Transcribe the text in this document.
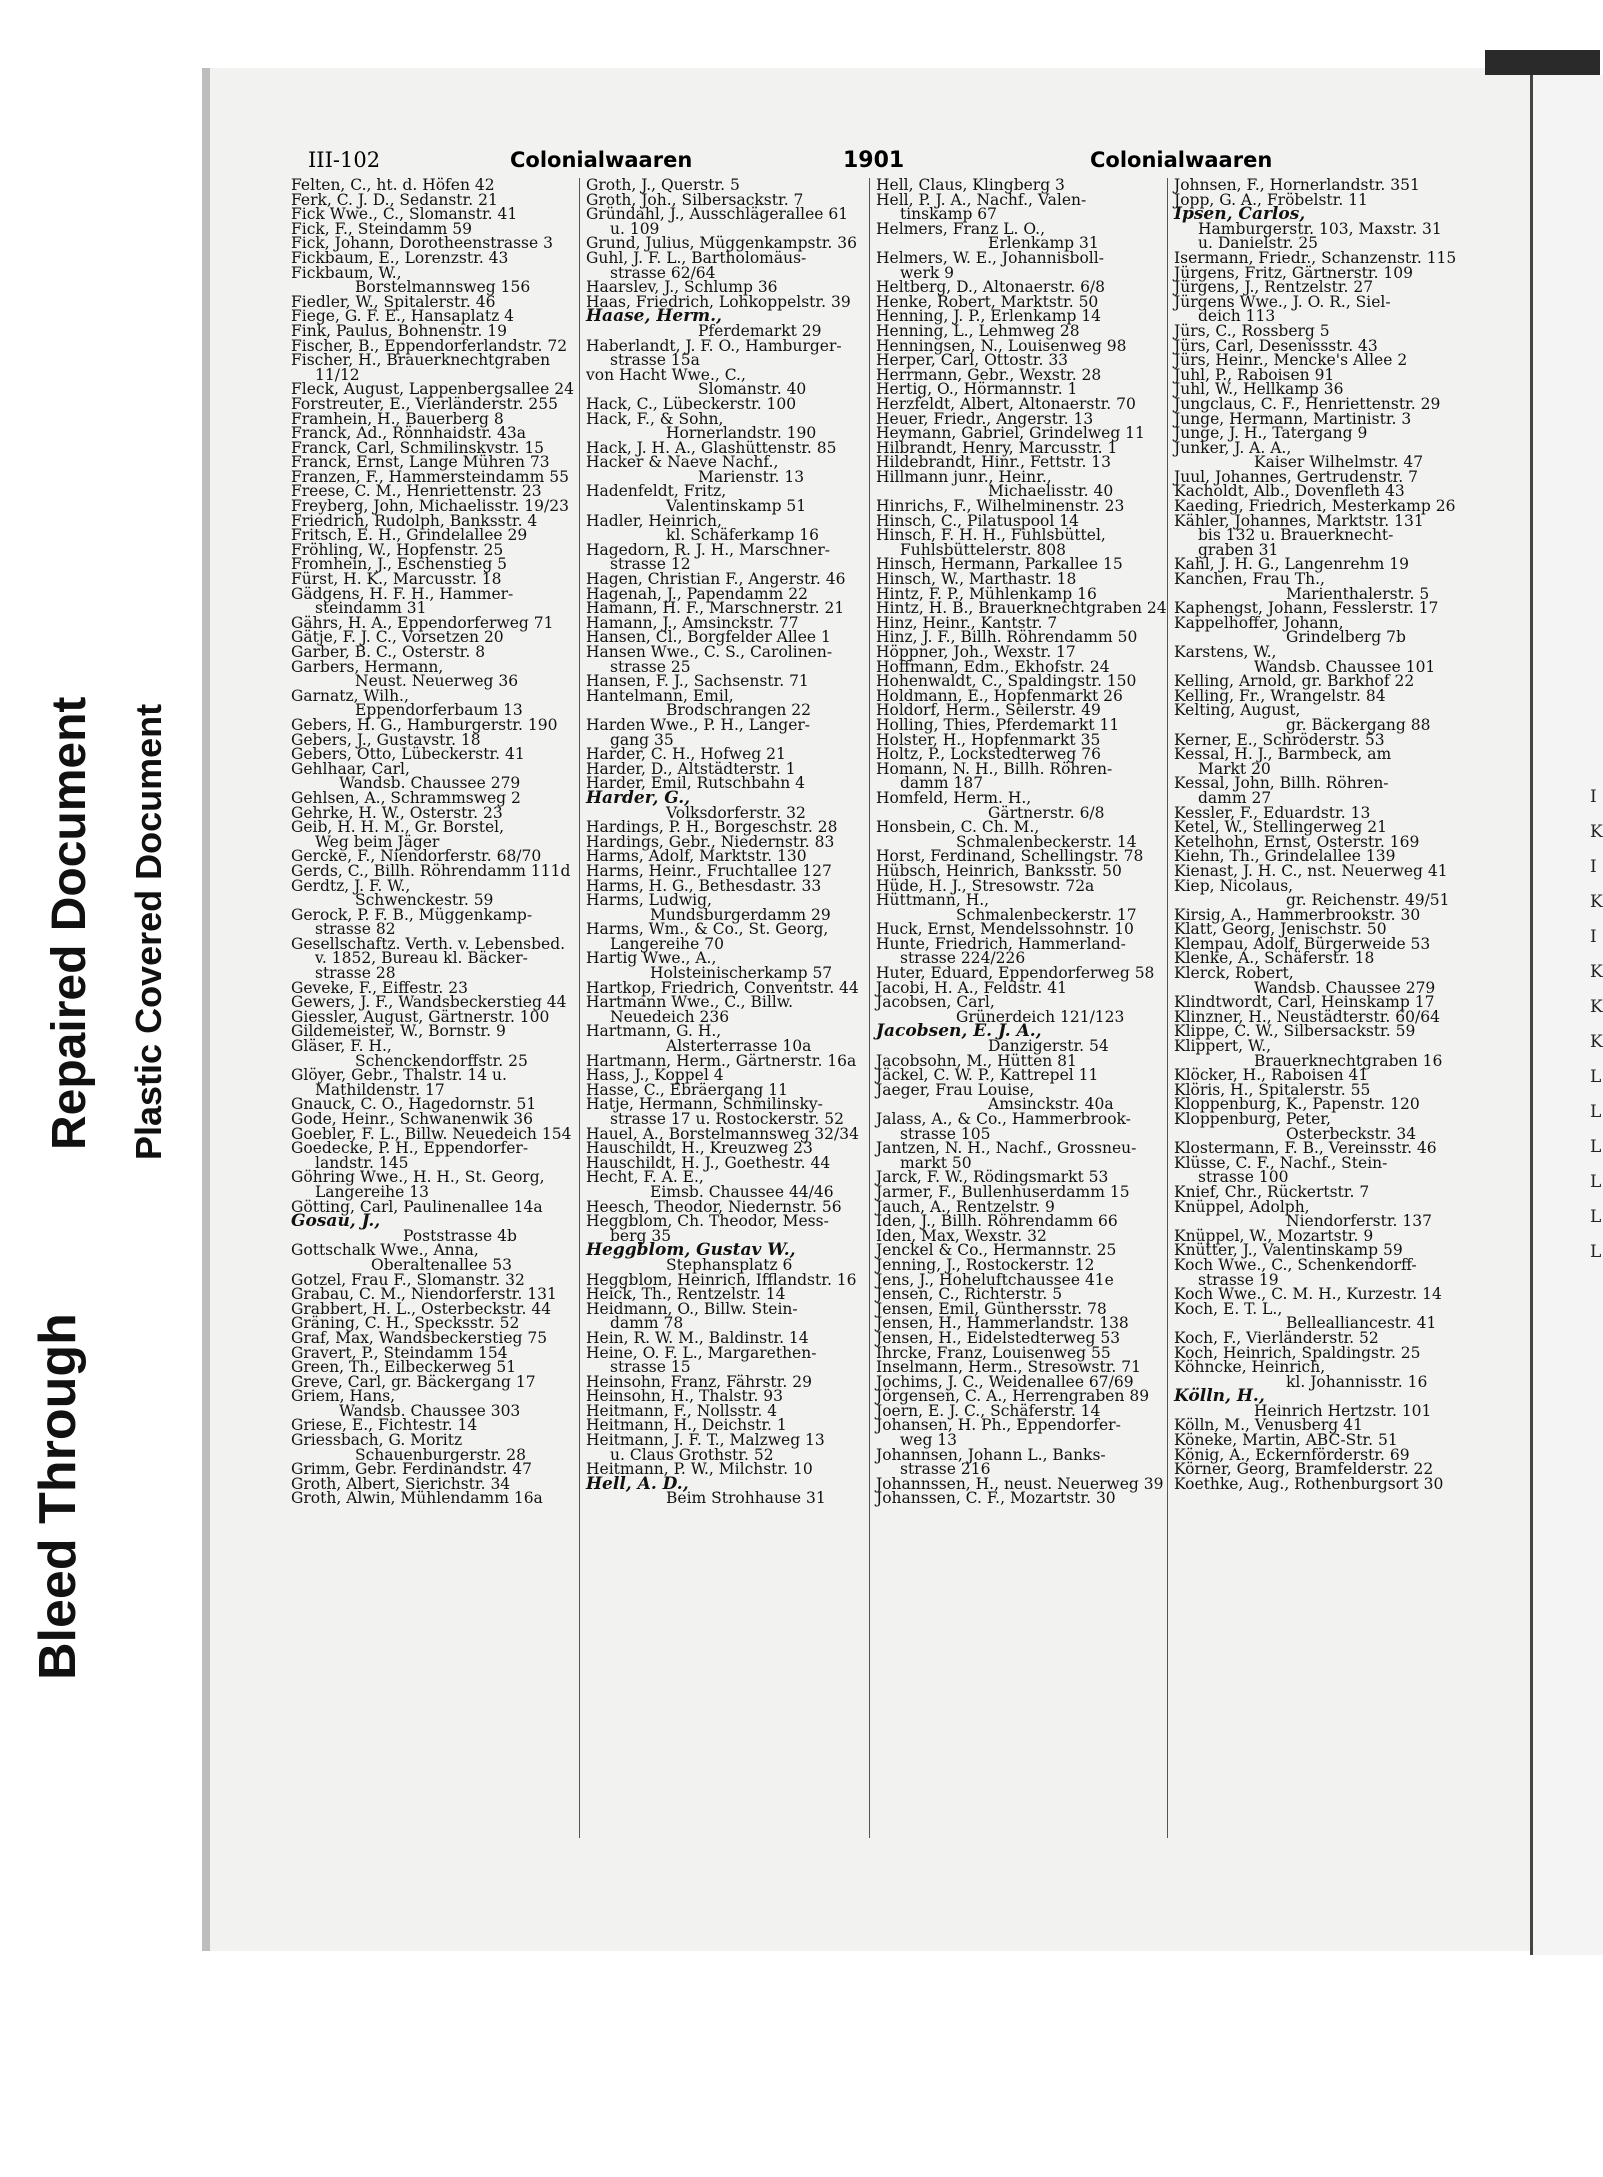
Bleed Through
Repaired Document Plastic Covered Document
III-102	Colonialwaaren	1901	Colonialwaaren
Felten, C., ht. d. Höfen 42
Ferk, C. J. D., Sedanstr. 21
Fick Wwe., C., Slomanstr. 41
Fick, F., Steindamm 59
Fick, Johann, Dorotheenstrasse 3
Fickbaum, E., Lorenzstr. 43
Fickbaum, W.,
Borstelmannsweg 156
Fiedler, W., Spitalerstr. 46
Fiege, G. F. E., Hansaplatz 4
Fink, Paulus, Bohnenstr. 19
Fischer, B., Eppendorferlandstr. 72
Fischer, H., Brauerknechtgraben
11/12
Fleck, August, Lappenbergsallee 24
Forstreuter, E., Vierländerstr. 255
Framhein, H., Bauerberg 8
Franck, Ad., Rönnhaidstr. 43a
Franck, Carl, Schmilinskvstr. 15
Franck, Ernst, Lange Mühren 73
Franzen, F., Hammersteindamm 55
Freese, C. M., Henriettenstr. 23
Freyberg, John, Michaelisstr. 19/23
Friedrich, Rudolph, Banksstr. 4
Fritsch, E. H., Grindelallee 29
Fröhling, W., Hopfenstr. 25
Fromhein, J., Eschenstieg 5
Fürst, H. K., Marcusstr. 18
Gädgens, H. F. H., Hammer-
steindamm 31
Gährs, H. A., Eppendorferweg 71
Gätje, F. J. C., Vorsetzen 20
Garber, B. C., Osterstr. 8
Garbers, Hermann,
Neust. Neuerweg 36
Garnatz, Wilh.,
Eppendorferbaum 13
Gebers, H. G., Hamburgerstr. 190
Gebers, J., Gustavstr. 18
Gebers, Otto, Lübeckerstr. 41
Gehlhaar, Carl,
Wandsb. Chaussee 279
Gehlsen, A., Schrammsweg 2
Gehrke, H. W., Osterstr. 23
Geib, H. H. M., Gr. Borstel,
Weg beim Jäger
Gercke, F., Niendorferstr. 68/70
Gerds, C., Billh. Röhrendamm 111d
Gerdtz, J. F. W.,
Schwenckestr. 59
Gerock, P. F. B., Müggenkamp-
strasse 82
Gesellschaftz. Verth. v. Lebensbed.
v. 1852, Bureau kl. Bäcker-
strasse 28
Geveke, F., Eiffestr. 23
Gewers, J. F., Wandsbeckerstieg 44
Giessler, August, Gärtnerstr. 100
Gildemeister, W., Bornstr. 9
Gläser, F. H.,
Schenckendorffstr. 25
Glöyer, Gebr., Thalstr. 14 u.
Mathildenstr. 17
Gnauck, C. O., Hagedornstr. 51
Gode, Heinr., Schwanenwik 36
Goebler, F. L., Billw. Neuedeich 154
Goedecke, P. H., Eppendorfer-
landstr. 145
Göhring Wwe., H. H., St. Georg,
Langereihe 13
Götting, Carl, Paulinenallee 14a
Gosau, J.,
Poststrasse 4b
Gottschalk Wwe., Anna,
Oberaltenallee 53
Gotzel, Frau F., Slomanstr. 32
Grabau, C. M., Niendorferstr. 131
Grabbert, H. L., Osterbeckstr. 44
Gräning, C. H., Specksstr. 52
Graf, Max, Wandsbeckerstieg 75
Gravert, P., Steindamm 154
Green, Th., Eilbeckerweg 51
Greve, Carl, gr. Bäckergang 17
Griem, Hans,
Wandsb. Chaussee 303
Griese, E., Fichtestr. 14
Griessbach, G. Moritz
Schauenburgerstr. 28
Grimm, Gebr. Ferdinandstr. 47
Groth, Albert, Sierichstr. 34
Groth, Alwin, Mühlendamm 16a
Groth, J., Querstr. 5
Groth, Joh., Silbersackstr. 7
Gründahl, J., Ausschlägerallee 61
u. 109
Grund, Julius, Müggenkampstr. 36
Guhl, J. F. L., Bartholomäus-
strasse 62/64
Haarslev, J., Schlump 36
Haas, Friedrich, Lohkoppelstr. 39
Haase, Herm.,
Pferdemarkt 29
Haberlandt, J. F. O., Hamburger-
strasse 15a
von Hacht Wwe., C.,
Slomanstr. 40
Hack, C., Lübeckerstr. 100
Hack, F., & Sohn,
Hornerlandstr. 190
Hack, J. H. A., Glashüttenstr. 85
Hacker & Naeve Nachf.,
Marienstr. 13
Hadenfeldt, Fritz,
Valentinskamp 51
Hadler, Heinrich,
kl. Schäferkamp 16
Hagedorn, R. J. H., Marschner-
strasse 12
Hagen, Christian F., Angerstr. 46
Hagenah, J., Papendamm 22
Hamann, H. F., Marschnerstr. 21
Hamann, J., Amsinckstr. 77
Hansen, Cl., Borgfelder Allee 1
Hansen Wwe., C. S., Carolinen-
strasse 25
Hansen, F. J., Sachsenstr. 71
Hantelmann, Emil,
Brodschrangen 22
Harden Wwe., P. H., Langer-
gang 35
Harder, C. H., Hofweg 21
Harder, D., Altstädterstr. 1
Harder, Emil, Rutschbahn 4
Harder, G.,
Volksdorferstr. 32
Hardings, P. H., Borgeschstr. 28
Hardings, Gebr., Niedernstr. 83
Harms, Adolf, Marktstr. 130
Harms, Heinr., Fruchtallee 127
Harms, H. G., Bethesdastr. 33
Harms, Ludwig,
Mundsburgerdamm 29
Harms, Wm., & Co., St. Georg,
Langereihe 70
Hartig Wwe., A.,
Holsteinischerkamp 57
Hartkop, Friedrich, Conventstr. 44
Hartmann Wwe., C., Billw.
Neuedeich 236
Hartmann, G. H.,
Alsterterrasse 10a
Hartmann, Herm., Gärtnerstr. 16a
Hass, J., Koppel 4
Hasse, C., Ebräergang 11
Hatje, Hermann, Schmilinsky-
strasse 17 u. Rostockerstr. 52
Hauel, A., Borstelmannsweg 32/34
Hauschildt, H., Kreuzweg 23
Hauschildt, H. J., Goethestr. 44
Hecht, F. A. E.,
Eimsb. Chaussee 44/46
Heesch, Theodor, Niedernstr. 56
Heggblom, Ch. Theodor, Mess-
berg 35
Heggblom, Gustav W.,
Stephansplatz 6
Heggblom, Heinrich, Ifflandstr. 16
Heick, Th., Rentzelstr. 14
Heidmann, O., Billw. Stein-
damm 78
Hein, R. W. M., Baldinstr. 14
Heine, O. F. L., Margarethen-
strasse 15
Heinsohn, Franz, Fährstr. 29
Heinsohn, H., Thalstr. 93
Heitmann, F., Nollsstr. 4
Heitmann, H., Deichstr. 1
Heitmann, J. F. T., Malzweg 13
u. Claus Grothstr. 52
Heitmann, P. W., Milchstr. 10
Hell, A. D.,
Beim Strohhause 31
Hell, Claus, Klingberg 3
Hell, P. J. A., Nachf., Valen-
tinskamp 67
Helmers, Franz L. O.,
Erlenkamp 31
Helmers, W. E., Johannisboll-
werk 9
Heltberg, D., Altonaerstr. 6/8
Henke, Robert, Marktstr. 50
Henning, J. P., Erlenkamp 14
Henning, L., Lehmweg 28
Henningsen, N., Louisenweg 98
Herper, Carl, Ottostr. 33
Herrmann, Gebr., Wexstr. 28
Hertig, O., Hörmannstr. 1
Herzfeldt, Albert, Altonaerstr. 70
Heuer, Friedr., Angerstr. 13
Heymann, Gabriel, Grindelweg 11
Hilbrandt, Henry, Marcusstr. 1
Hildebrandt, Hinr., Fettstr. 13
Hillmann junr., Heinr.,
Michaelisstr. 40
Hinrichs, F., Wilhelminenstr. 23
Hinsch, C., Pilatuspool 14
Hinsch, F. H. H., Fuhlsbüttel,
Fuhlsbüttelerstr. 808
Hinsch, Hermann, Parkallee 15
Hinsch, W., Marthastr. 18
Hintz, F. P., Mühlenkamp 16
Hintz, H. B., Brauerknechtgraben 24
Hinz, Heinr., Kantstr. 7
Hinz, J. F., Billh. Röhrendamm 50
Höppner, Joh., Wexstr. 17
Hoffmann, Edm., Ekhofstr. 24
Hohenwaldt, C., Spaldingstr. 150
Holdmann, E., Hopfenmarkt 26
Holdorf, Herm., Seilerstr. 49
Holling, Thies, Pferdemarkt 11
Holster, H., Hopfenmarkt 35
Holtz, P., Lockstedterweg 76
Homann, N. H., Billh. Röhren-
damm 187
Homfeld, Herm. H.,
Gärtnerstr. 6/8
Honsbein, C. Ch. M.,
Schmalenbeckerstr. 14
Horst, Ferdinand, Schellingstr. 78
Hübsch, Heinrich, Banksstr. 50
Hüde, H. J., Stresowstr. 72a
Hüttmann, H.,
Schmalenbeckerstr. 17
Huck, Ernst, Mendelssohnstr. 10
Hunte, Friedrich, Hammerland-
strasse 224/226
Huter, Eduard, Eppendorferweg 58
Jacobi, H. A., Feldstr. 41
Jacobsen, Carl,
Grünerdeich 121/123
Jacobsen, E. J. A.,
Danzigerstr. 54
Jacobsohn, M., Hütten 81
Jäckel, C. W. P., Kattrepel 11
Jaeger, Frau Louise,
Amsinckstr. 40a
Jalass, A., & Co., Hammerbrook-
strasse 105
Jantzen, N. H., Nachf., Grossneu-
markt 50
Jarck, F. W., Rödingsmarkt 53
Jarmer, F., Bullenhuserdamm 15
Jauch, A., Rentzelstr. 9
Iden, J., Billh. Röhrendamm 66
Iden, Max, Wexstr. 32
Jenckel & Co., Hermannstr. 25
Jenning, J., Rostockerstr. 12
Jens, J., Hoheluftchaussee 41e
Jensen, C., Richterstr. 5
Jensen, Emil, Günthersstr. 78
Jensen, H., Hammerlandstr. 138
Jensen, H., Eidelstedterweg 53
Ihrcke, Franz, Louisenweg 55
Inselmann, Herm., Stresowstr. 71
Jochims, J. C., Weidenallee 67/69
Jörgensen, C. A., Herrengraben 89
Joern, E. J. C., Schäferstr. 14
Johansen, H. Ph., Eppendorfer-
weg 13
Johannsen, Johann L., Banks-
strasse 216
Johannssen, H., neust. Neuerweg 39
Johanssen, C. F., Mozartstr. 30
Johnsen, F., Hornerlandstr. 351
Jopp, G. A., Fröbelstr. 11
Ipsen, Carlos,
Hamburgerstr. 103, Maxstr. 31
u. Danielstr. 25
Isermann, Friedr., Schanzenstr. 115
Jürgens, Fritz, Gärtnerstr. 109
Jürgens, J., Rentzelstr. 27
Jürgens Wwe., J. O. R., Siel-
deich 113
Jürs, C., Rossberg 5
Jürs, Carl, Desenissstr. 43
Jürs, Heinr., Mencke's Allee 2
Juhl, P., Raboisen 91
Juhl, W., Hellkamp 36
Jungclaus, C. F., Henriettenstr. 29
Junge, Hermann, Martinistr. 3
Junge, J. H., Tatergang 9
Junker, J. A. A.,
Kaiser Wilhelmstr. 47
Juul, Johannes, Gertrudenstr. 7
Kacholdt, Alb., Dovenfleth 43
Kaeding, Friedrich, Mesterkamp 26
Kähler, Johannes, Marktstr. 131
bis 132 u. Brauerknecht-
graben 31
Kahl, J. H. G., Langenrehm 19
Kanchen, Frau Th.,
Marienthalerstr. 5
Kaphengst, Johann, Fesslerstr. 17
Kappelhoffer, Johann,
Grindelberg 7b
Karstens, W.,
Wandsb. Chaussee 101
Kelling, Arnold, gr. Barkhof 22
Kelling, Fr., Wrangelstr. 84
Kelting, August,
gr. Bäckergang 88
Kerner, E., Schröderstr. 53
Kessal, H. J., Barmbeck, am
Markt 20
Kessal, John, Billh. Röhren-
damm 27
Kessler, F., Eduardstr. 13
Ketel, W., Stellingerweg 21
Ketelhohn, Ernst, Osterstr. 169
Kiehn, Th., Grindelallee 139
Kienast, J. H. C., nst. Neuerweg 41
Kiep, Nicolaus,
gr. Reichenstr. 49/51
Kirsig, A., Hammerbrookstr. 30
Klatt, Georg, Jenischstr. 50
Klempau, Adolf, Bürgerweide 53
Klenke, A., Schäferstr. 18
Klerck, Robert,
Wandsb. Chaussee 279
Klindtwordt, Carl, Heinskamp 17
Klinzner, H., Neustädterstr. 60/64
Klippe, C. W., Silbersackstr. 59
Klippert, W.,
Brauerknechtgraben 16
Klöcker, H., Raboisen 41
Klöris, H., Spitalerstr. 55
Kloppenburg, K., Papenstr. 120
Kloppenburg, Peter,
Osterbeckstr. 34
Klostermann, F. B., Vereinsstr. 46
Klüsse, C. F., Nachf., Stein-
strasse 100
Knief, Chr., Rückertstr. 7
Knüppel, Adolph,
Niendorferstr. 137
Knüppel, W., Mozartstr. 9
Knütter, J., Valentinskamp 59
Koch Wwe., C., Schenkendorff-
strasse 19
Koch Wwe., C. M. H., Kurzestr. 14
Koch, E. T. L.,
Bellealliancestr. 41
Koch, F., Vierländerstr. 52
Koch, Heinrich, Spaldingstr. 25
Köhncke, Heinrich,
kl. Johannisstr. 16
Kölln, H.,
Heinrich Hertzstr. 101
Kölln, M., Venusberg 41
Köneke, Martin, ABC-Str. 51
König, A., Eckernförderstr. 69
Körner, Georg, Bramfelderstr. 22
Koethke, Aug., Rothenburgsort 30
I
K
I
K
I
K
K
K
L
L
L
L
L
L
